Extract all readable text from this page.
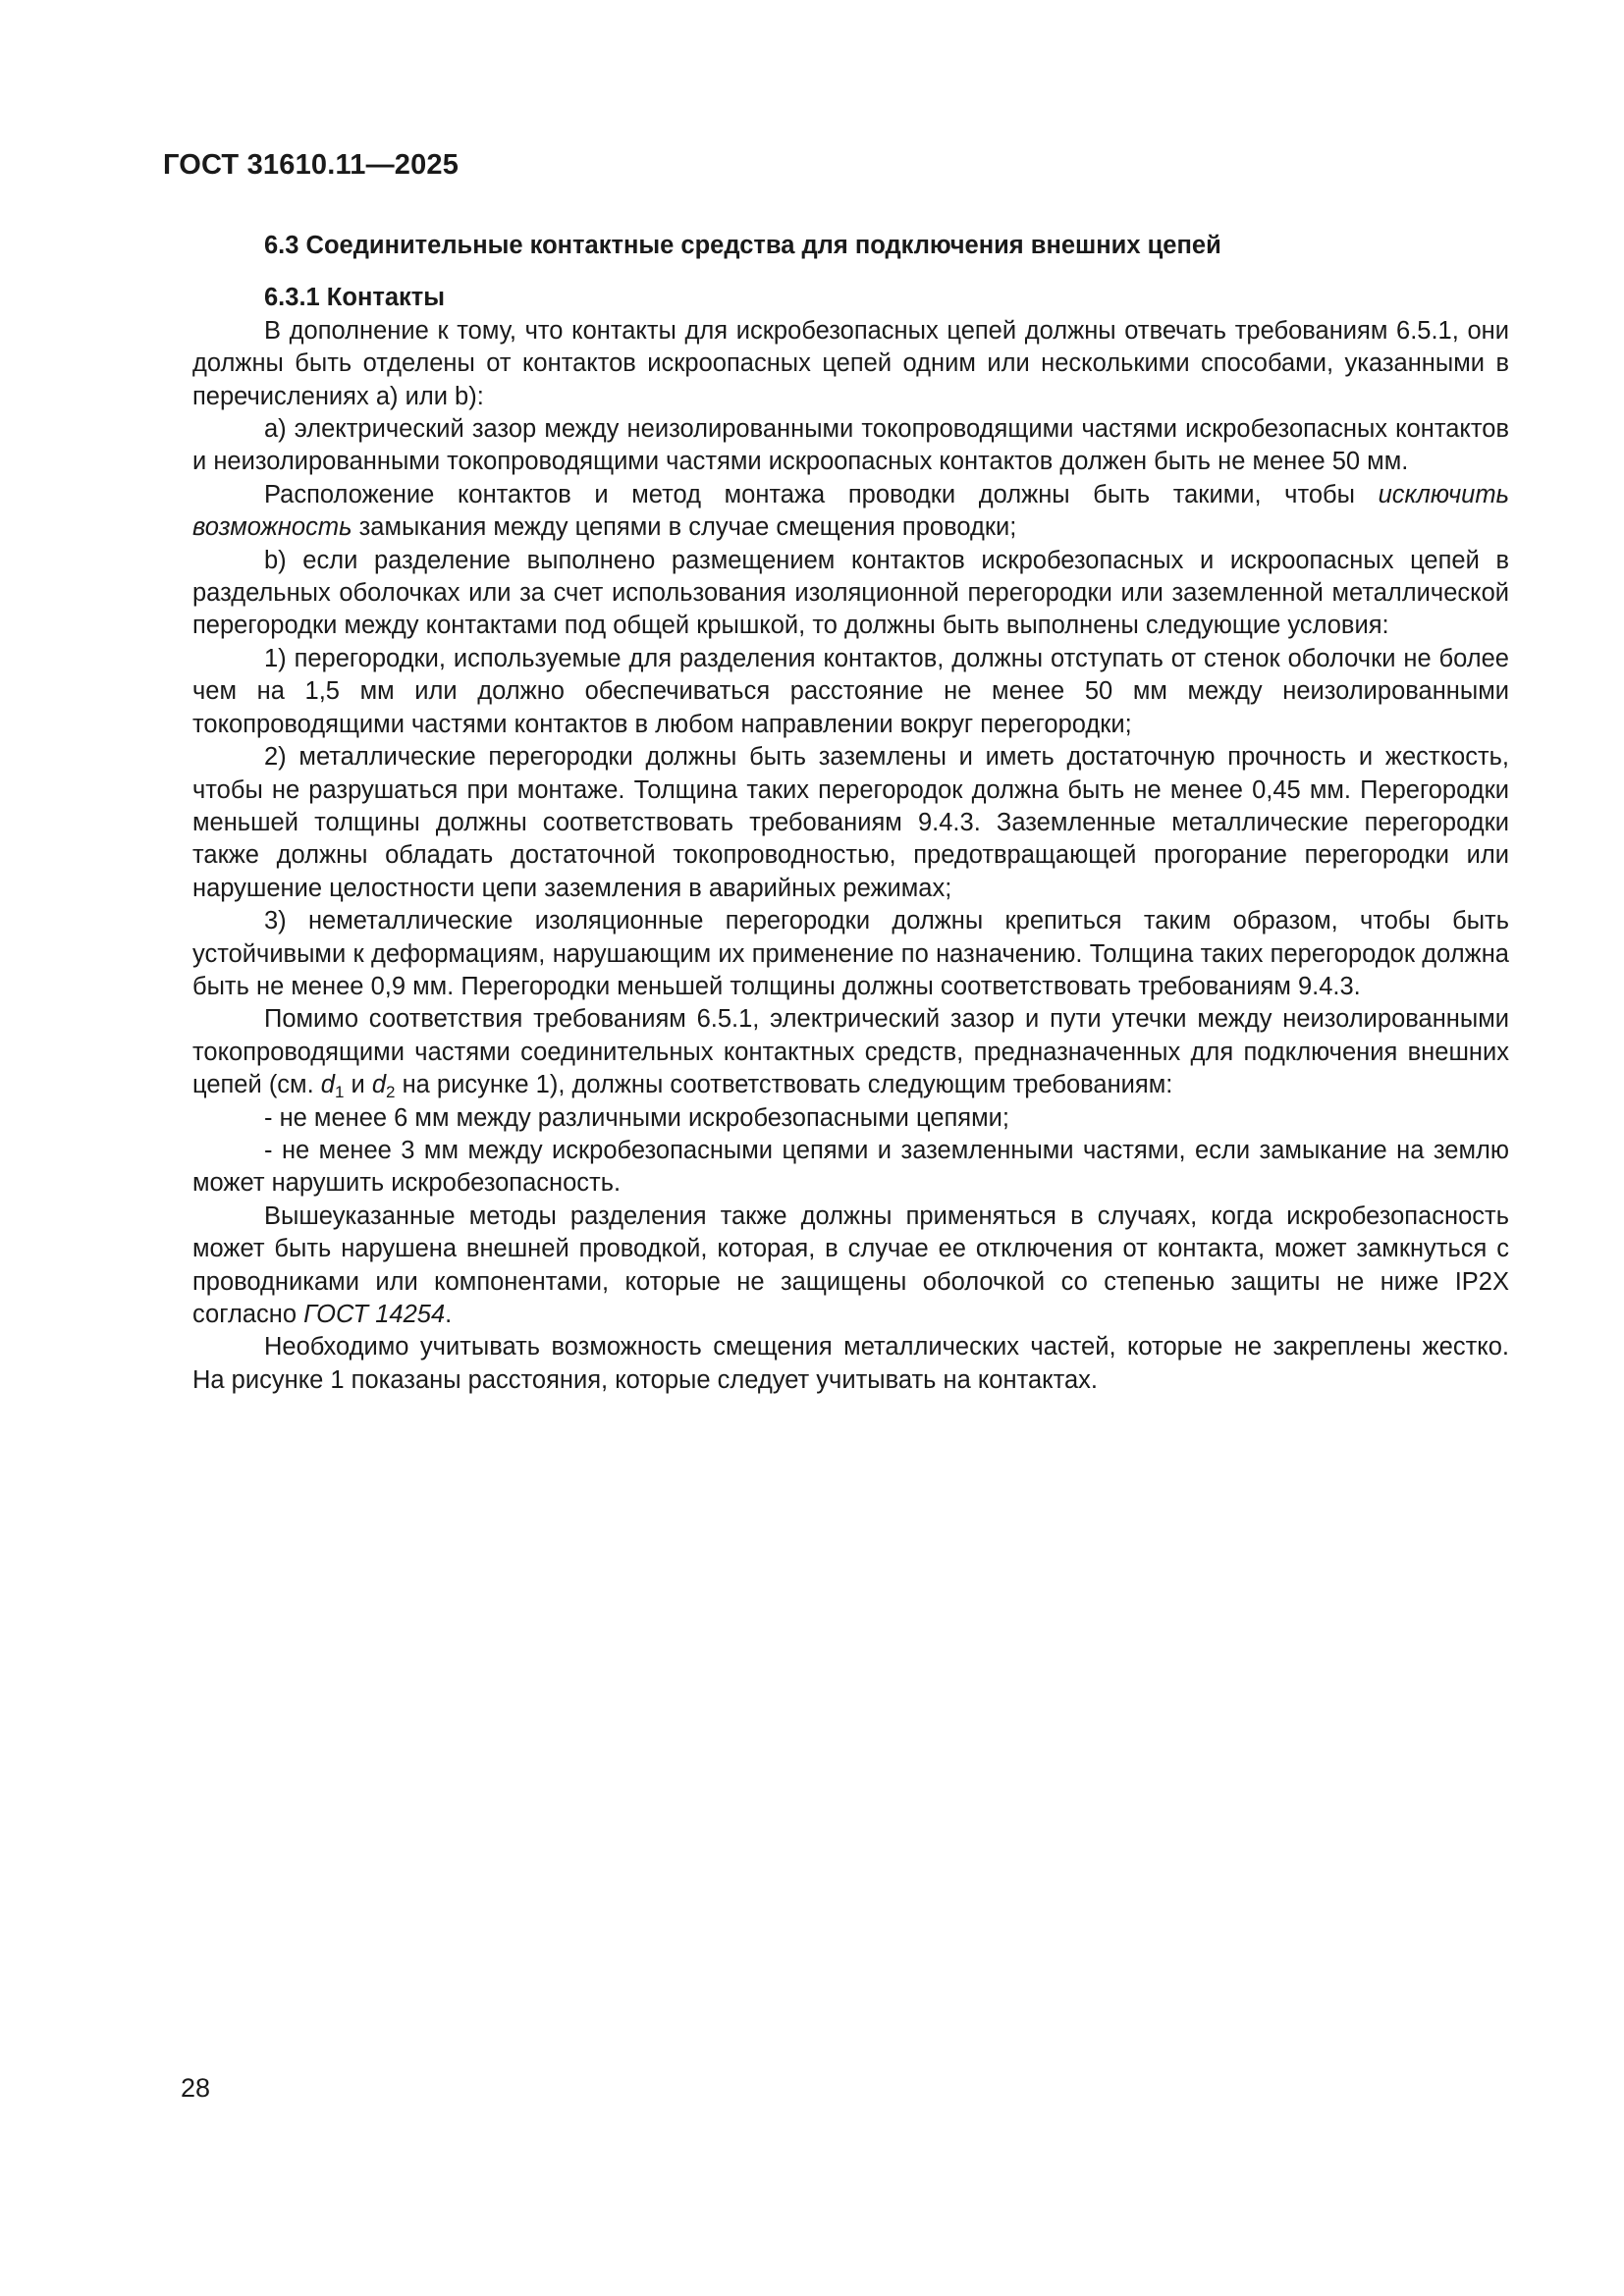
ГОСТ 31610.11—2025

6.3 Соединительные контактные средства для подключения внешних цепей

6.3.1 Контакты

В дополнение к тому, что контакты для искробезопасных цепей должны отвечать требованиям 6.5.1, они должны быть отделены от контактов искроопасных цепей одним или несколькими способами, указанными в перечислениях a) или b):

a) электрический зазор между неизолированными токопроводящими частями искробезопасных контактов и неизолированными токопроводящими частями искроопасных контактов должен быть не менее 50 мм.

Расположение контактов и метод монтажа проводки должны быть такими, чтобы исключить возможность замыкания между цепями в случае смещения проводки;

b) если разделение выполнено размещением контактов искробезопасных и искроопасных цепей в раздельных оболочках или за счет использования изоляционной перегородки или заземленной металлической перегородки между контактами под общей крышкой, то должны быть выполнены следующие условия:

1) перегородки, используемые для разделения контактов, должны отступать от стенок оболочки не более чем на 1,5 мм или должно обеспечиваться расстояние не менее 50 мм между неизолированными токопроводящими частями контактов в любом направлении вокруг перегородки;

2) металлические перегородки должны быть заземлены и иметь достаточную прочность и жесткость, чтобы не разрушаться при монтаже. Толщина таких перегородок должна быть не менее 0,45 мм. Перегородки меньшей толщины должны соответствовать требованиям 9.4.3. Заземленные металлические перегородки также должны обладать достаточной токопроводностью, предотвращающей прогорание перегородки или нарушение целостности цепи заземления в аварийных режимах;

3) неметаллические изоляционные перегородки должны крепиться таким образом, чтобы быть устойчивыми к деформациям, нарушающим их применение по назначению. Толщина таких перегородок должна быть не менее 0,9 мм. Перегородки меньшей толщины должны соответствовать требованиям 9.4.3.

Помимо соответствия требованиям 6.5.1, электрический зазор и пути утечки между неизолированными токопроводящими частями соединительных контактных средств, предназначенных для подключения внешних цепей (см. d1 и d2 на рисунке 1), должны соответствовать следующим требованиям:

- не менее 6 мм между различными искробезопасными цепями;

- не менее 3 мм между искробезопасными цепями и заземленными частями, если замыкание на землю может нарушить искробезопасность.

Вышеуказанные методы разделения также должны применяться в случаях, когда искробезопасность может быть нарушена внешней проводкой, которая, в случае ее отключения от контакта, может замкнуться с проводниками или компонентами, которые не защищены оболочкой со степенью защиты не ниже IP2X согласно ГОСТ 14254.

Необходимо учитывать возможность смещения металлических частей, которые не закреплены жестко. На рисунке 1 показаны расстояния, которые следует учитывать на контактах.

28
